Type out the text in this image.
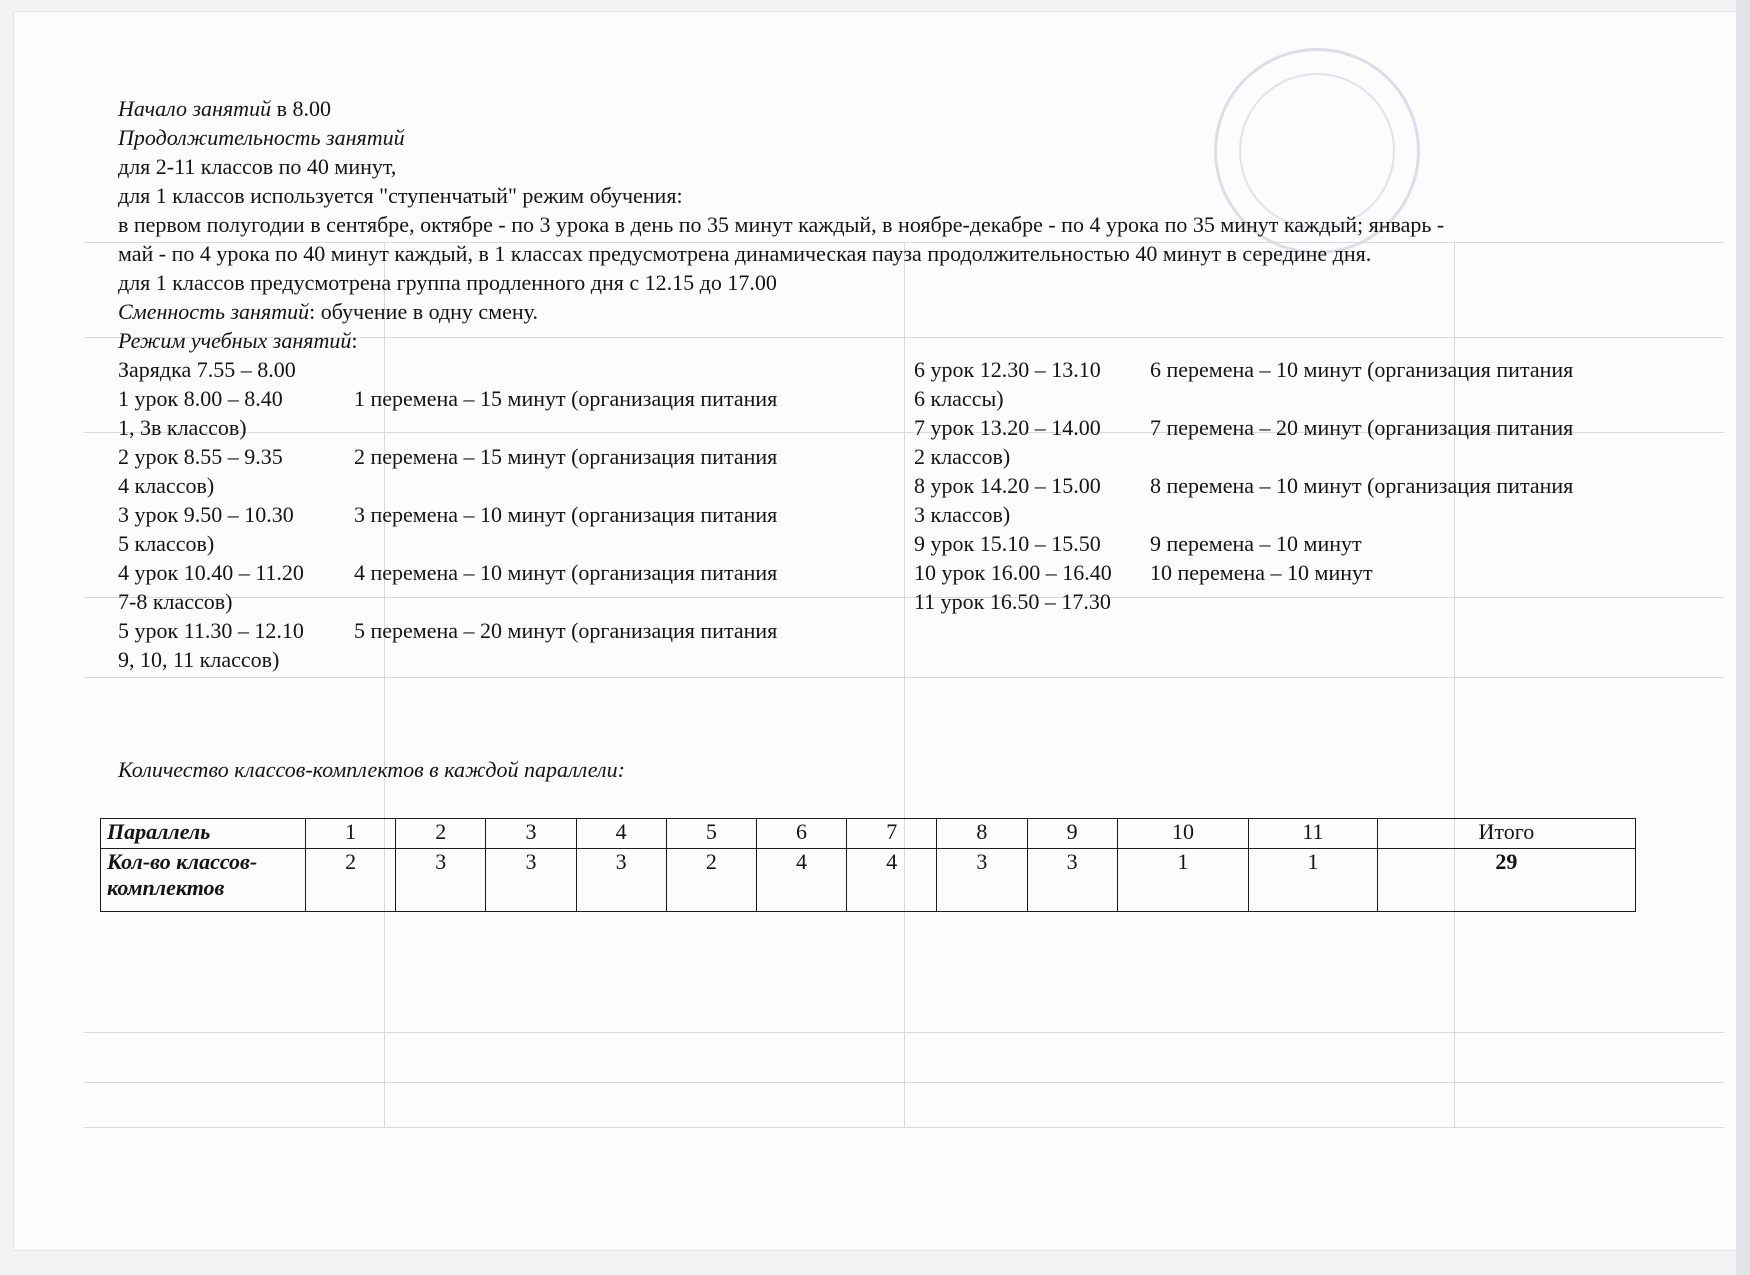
Начало занятий в 8.00
Продолжительность занятий
для 2-11 классов по 40 минут,
для 1 классов используется "ступенчатый" режим обучения:
в первом полугодии в сентябре, октябре - по 3 урока в день по 35 минут каждый, в ноябре-декабре - по 4 урока по 35 минут каждый; январь -
май - по 4 урока по 40 минут каждый, в 1 классах предусмотрена динамическая пауза продолжительностью 40 минут в середине дня.
для 1 классов предусмотрена группа продленного дня с 12.15 до 17.00
Сменность занятий: обучение в одну смену.
Режим учебных занятий:
Зарядка 7.55 – 8.00
1 урок 8.00 – 8.40	1 перемена – 15 минут (организация питания
1, 3в классов)
2 урок 8.55 – 9.35	2 перемена – 15 минут (организация питания
4 классов)
3 урок 9.50 – 10.30	3 перемена – 10 минут (организация питания
5 классов)
4 урок 10.40 – 11.20 4 перемена – 10 минут (организация питания
7-8 классов)
5 урок 11.30 – 12.10 5 перемена – 20 минут (организация питания
9, 10, 11 классов)
6 урок 12.30 – 13.10 6 перемена – 10 минут (организация питания
6 классы)
7 урок 13.20 – 14.00 7 перемена – 20 минут (организация питания
2 классов)
8 урок 14.20 – 15.00 8 перемена – 10 минут (организация питания
3 классов)
9 урок 15.10 – 15.50 9 перемена – 10 минут
10 урок 16.00 – 16.40 10 перемена – 10 минут
11 урок 16.50 – 17.30
Количество классов-комплектов в каждой параллели:
Параллель	1	2	3	4	5	6	7	8	9	10	11	Итого
Кол-во классов-комплектов	2	3	3	3	2	4	4	3	3	1	1	29
